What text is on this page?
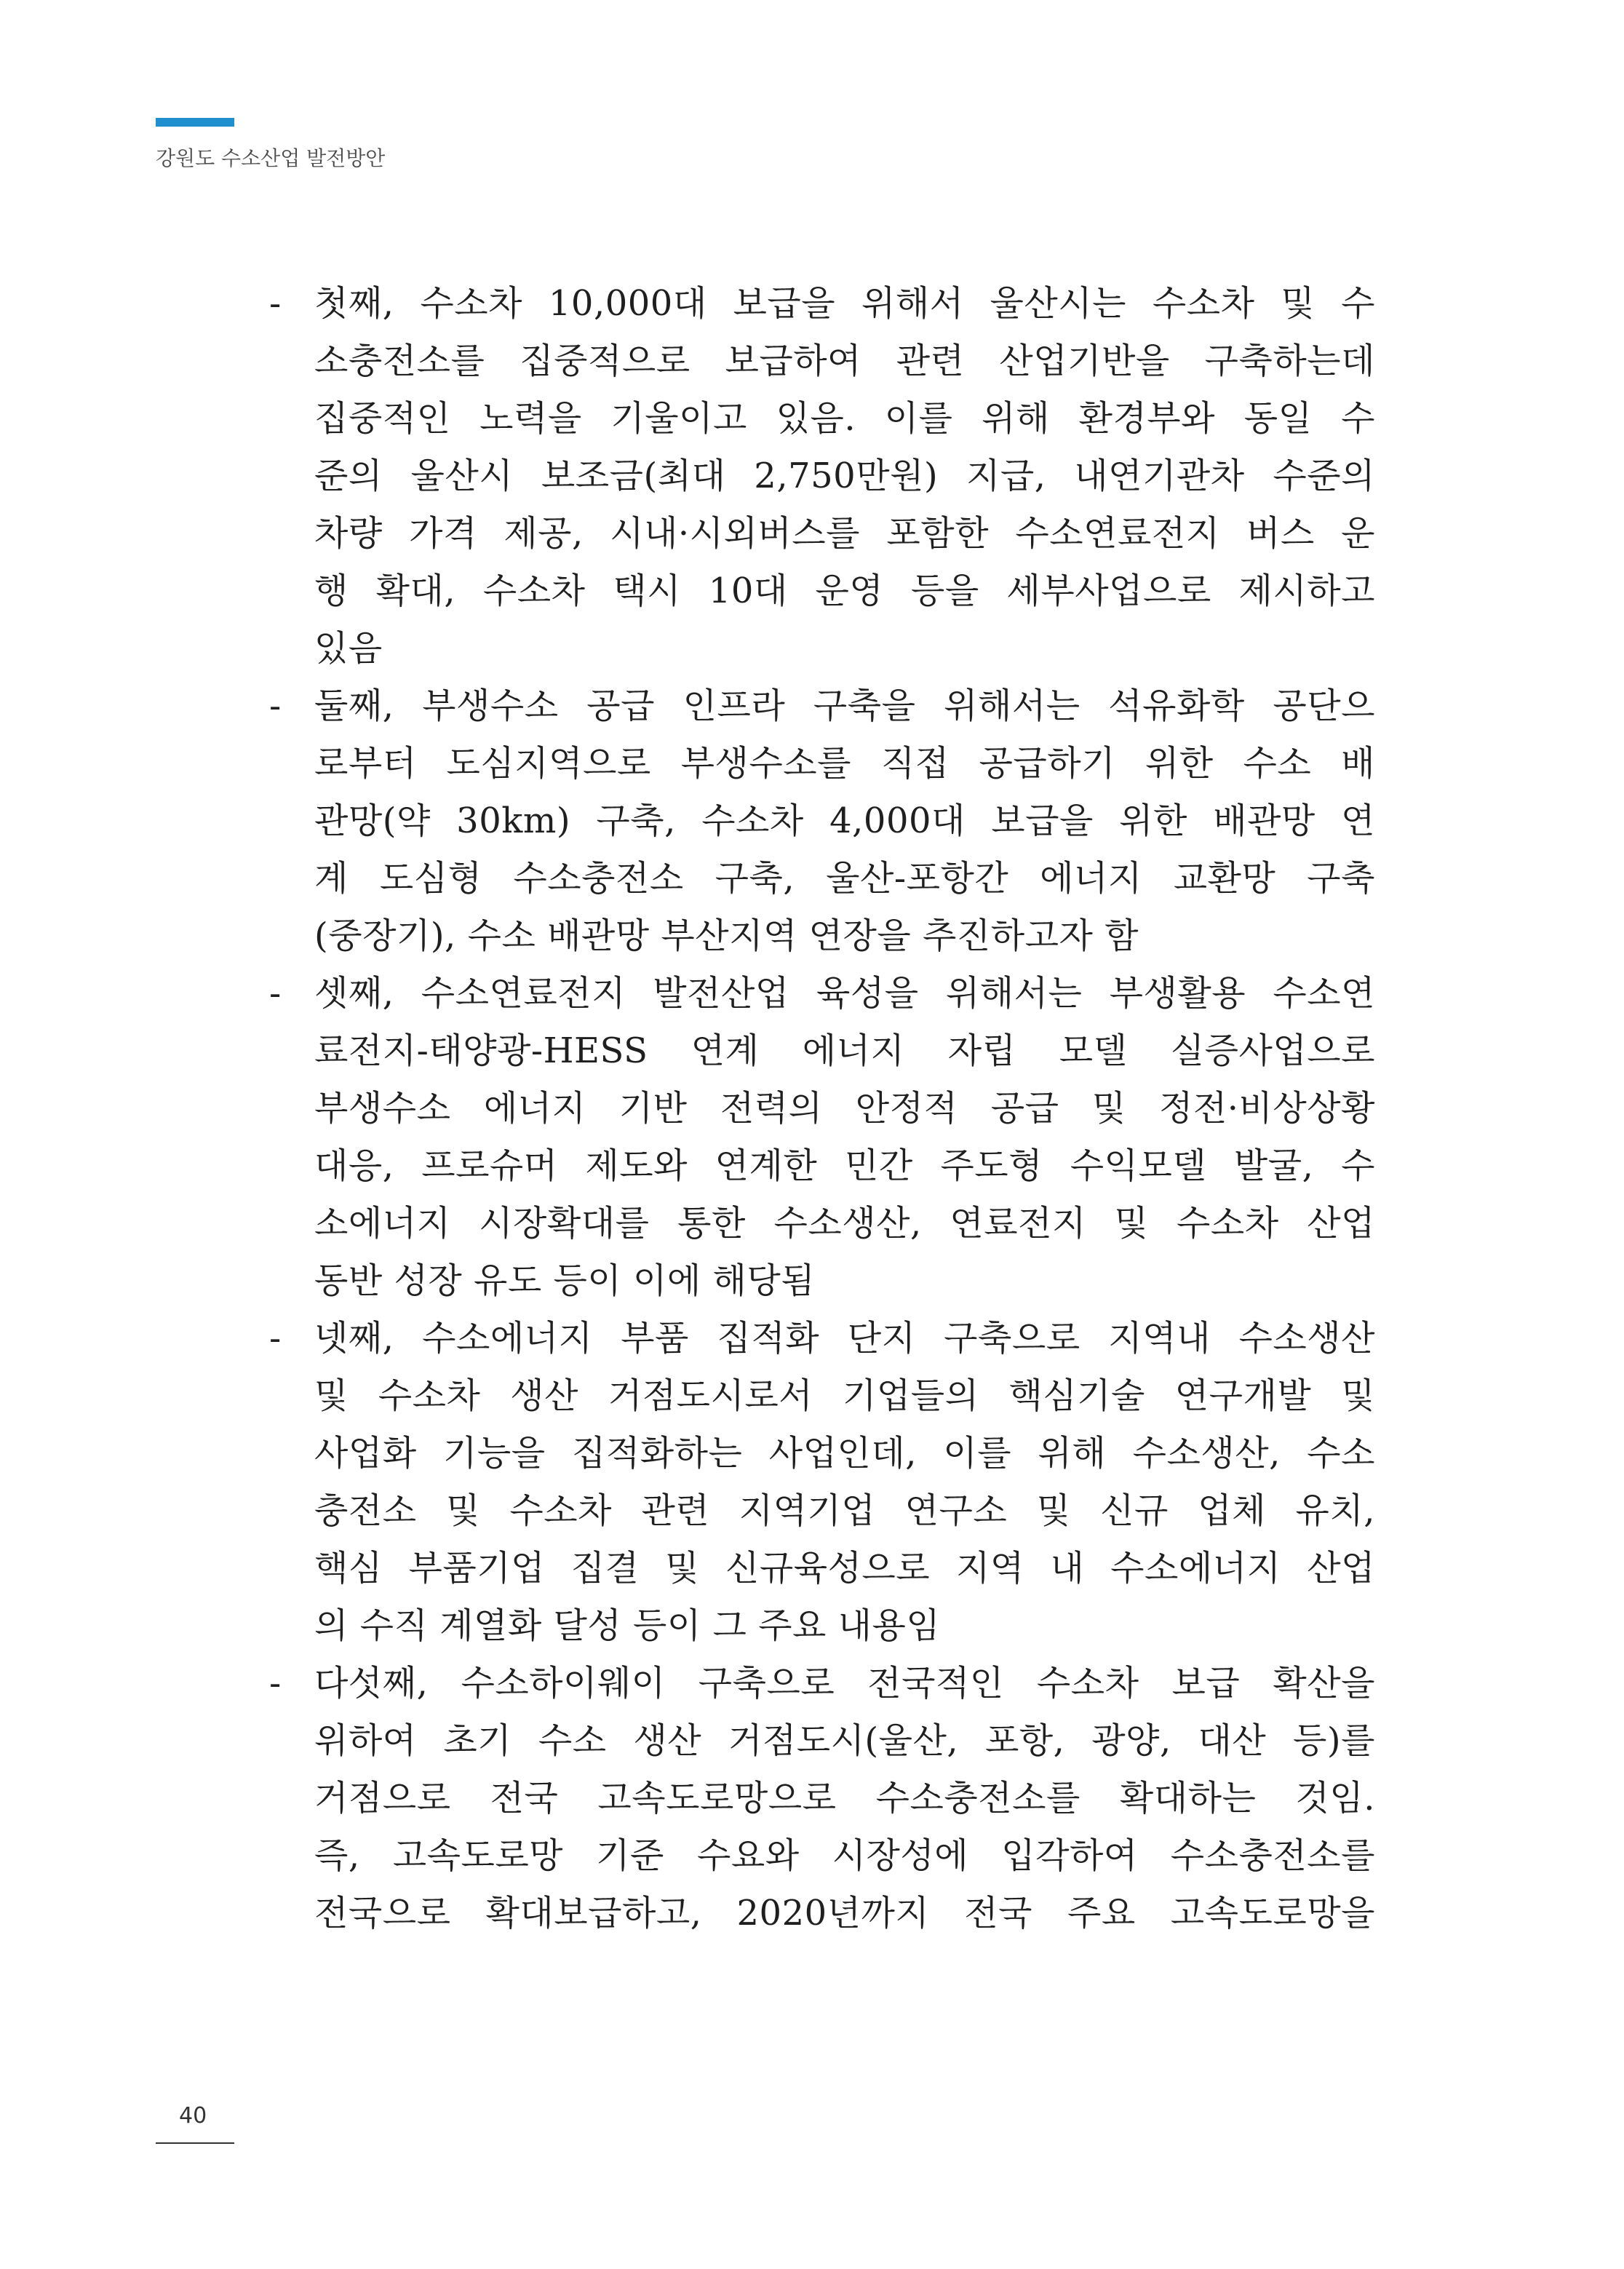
강원도 수소산업 발전방안
- 첫째, 수소차 10,000대 보급을 위해서 울산시는 수소차 및 수
소충전소를 집중적으로 보급하여 관련 산업기반을 구축하는데
집중적인 노력을 기울이고 있음. 이를 위해 환경부와 동일 수
준의 울산시 보조금(최대 2,750만원) 지급, 내연기관차 수준의
차량 가격 제공, 시내·시외버스를 포함한 수소연료전지 버스 운
행 확대, 수소차 택시 10대 운영 등을 세부사업으로 제시하고
있음
- 둘째, 부생수소 공급 인프라 구축을 위해서는 석유화학 공단으
로부터 도심지역으로 부생수소를 직접 공급하기 위한 수소 배
관망(약 30km) 구축, 수소차 4,000대 보급을 위한 배관망 연
계 도심형 수소충전소 구축, 울산-포항간 에너지 교환망 구축
(중장기), 수소 배관망 부산지역 연장을 추진하고자 함
- 셋째, 수소연료전지 발전산업 육성을 위해서는 부생활용 수소연
료전지-태양광-HESS 연계 에너지 자립 모델 실증사업으로
부생수소 에너지 기반 전력의 안정적 공급 및 정전·비상상황
대응, 프로슈머 제도와 연계한 민간 주도형 수익모델 발굴, 수
소에너지 시장확대를 통한 수소생산, 연료전지 및 수소차 산업
동반 성장 유도 등이 이에 해당됨
- 넷째, 수소에너지 부품 집적화 단지 구축으로 지역내 수소생산
및 수소차 생산 거점도시로서 기업들의 핵심기술 연구개발 및
사업화 기능을 집적화하는 사업인데, 이를 위해 수소생산, 수소
충전소 및 수소차 관련 지역기업 연구소 및 신규 업체 유치,
핵심 부품기업 집결 및 신규육성으로 지역 내 수소에너지 산업
의 수직 계열화 달성 등이 그 주요 내용임
- 다섯째, 수소하이웨이 구축으로 전국적인 수소차 보급 확산을
위하여 초기 수소 생산 거점도시(울산, 포항, 광양, 대산 등)를
거점으로 전국 고속도로망으로 수소충전소를 확대하는 것임.
즉, 고속도로망 기준 수요와 시장성에 입각하여 수소충전소를
전국으로 확대보급하고, 2020년까지 전국 주요 고속도로망을
40
